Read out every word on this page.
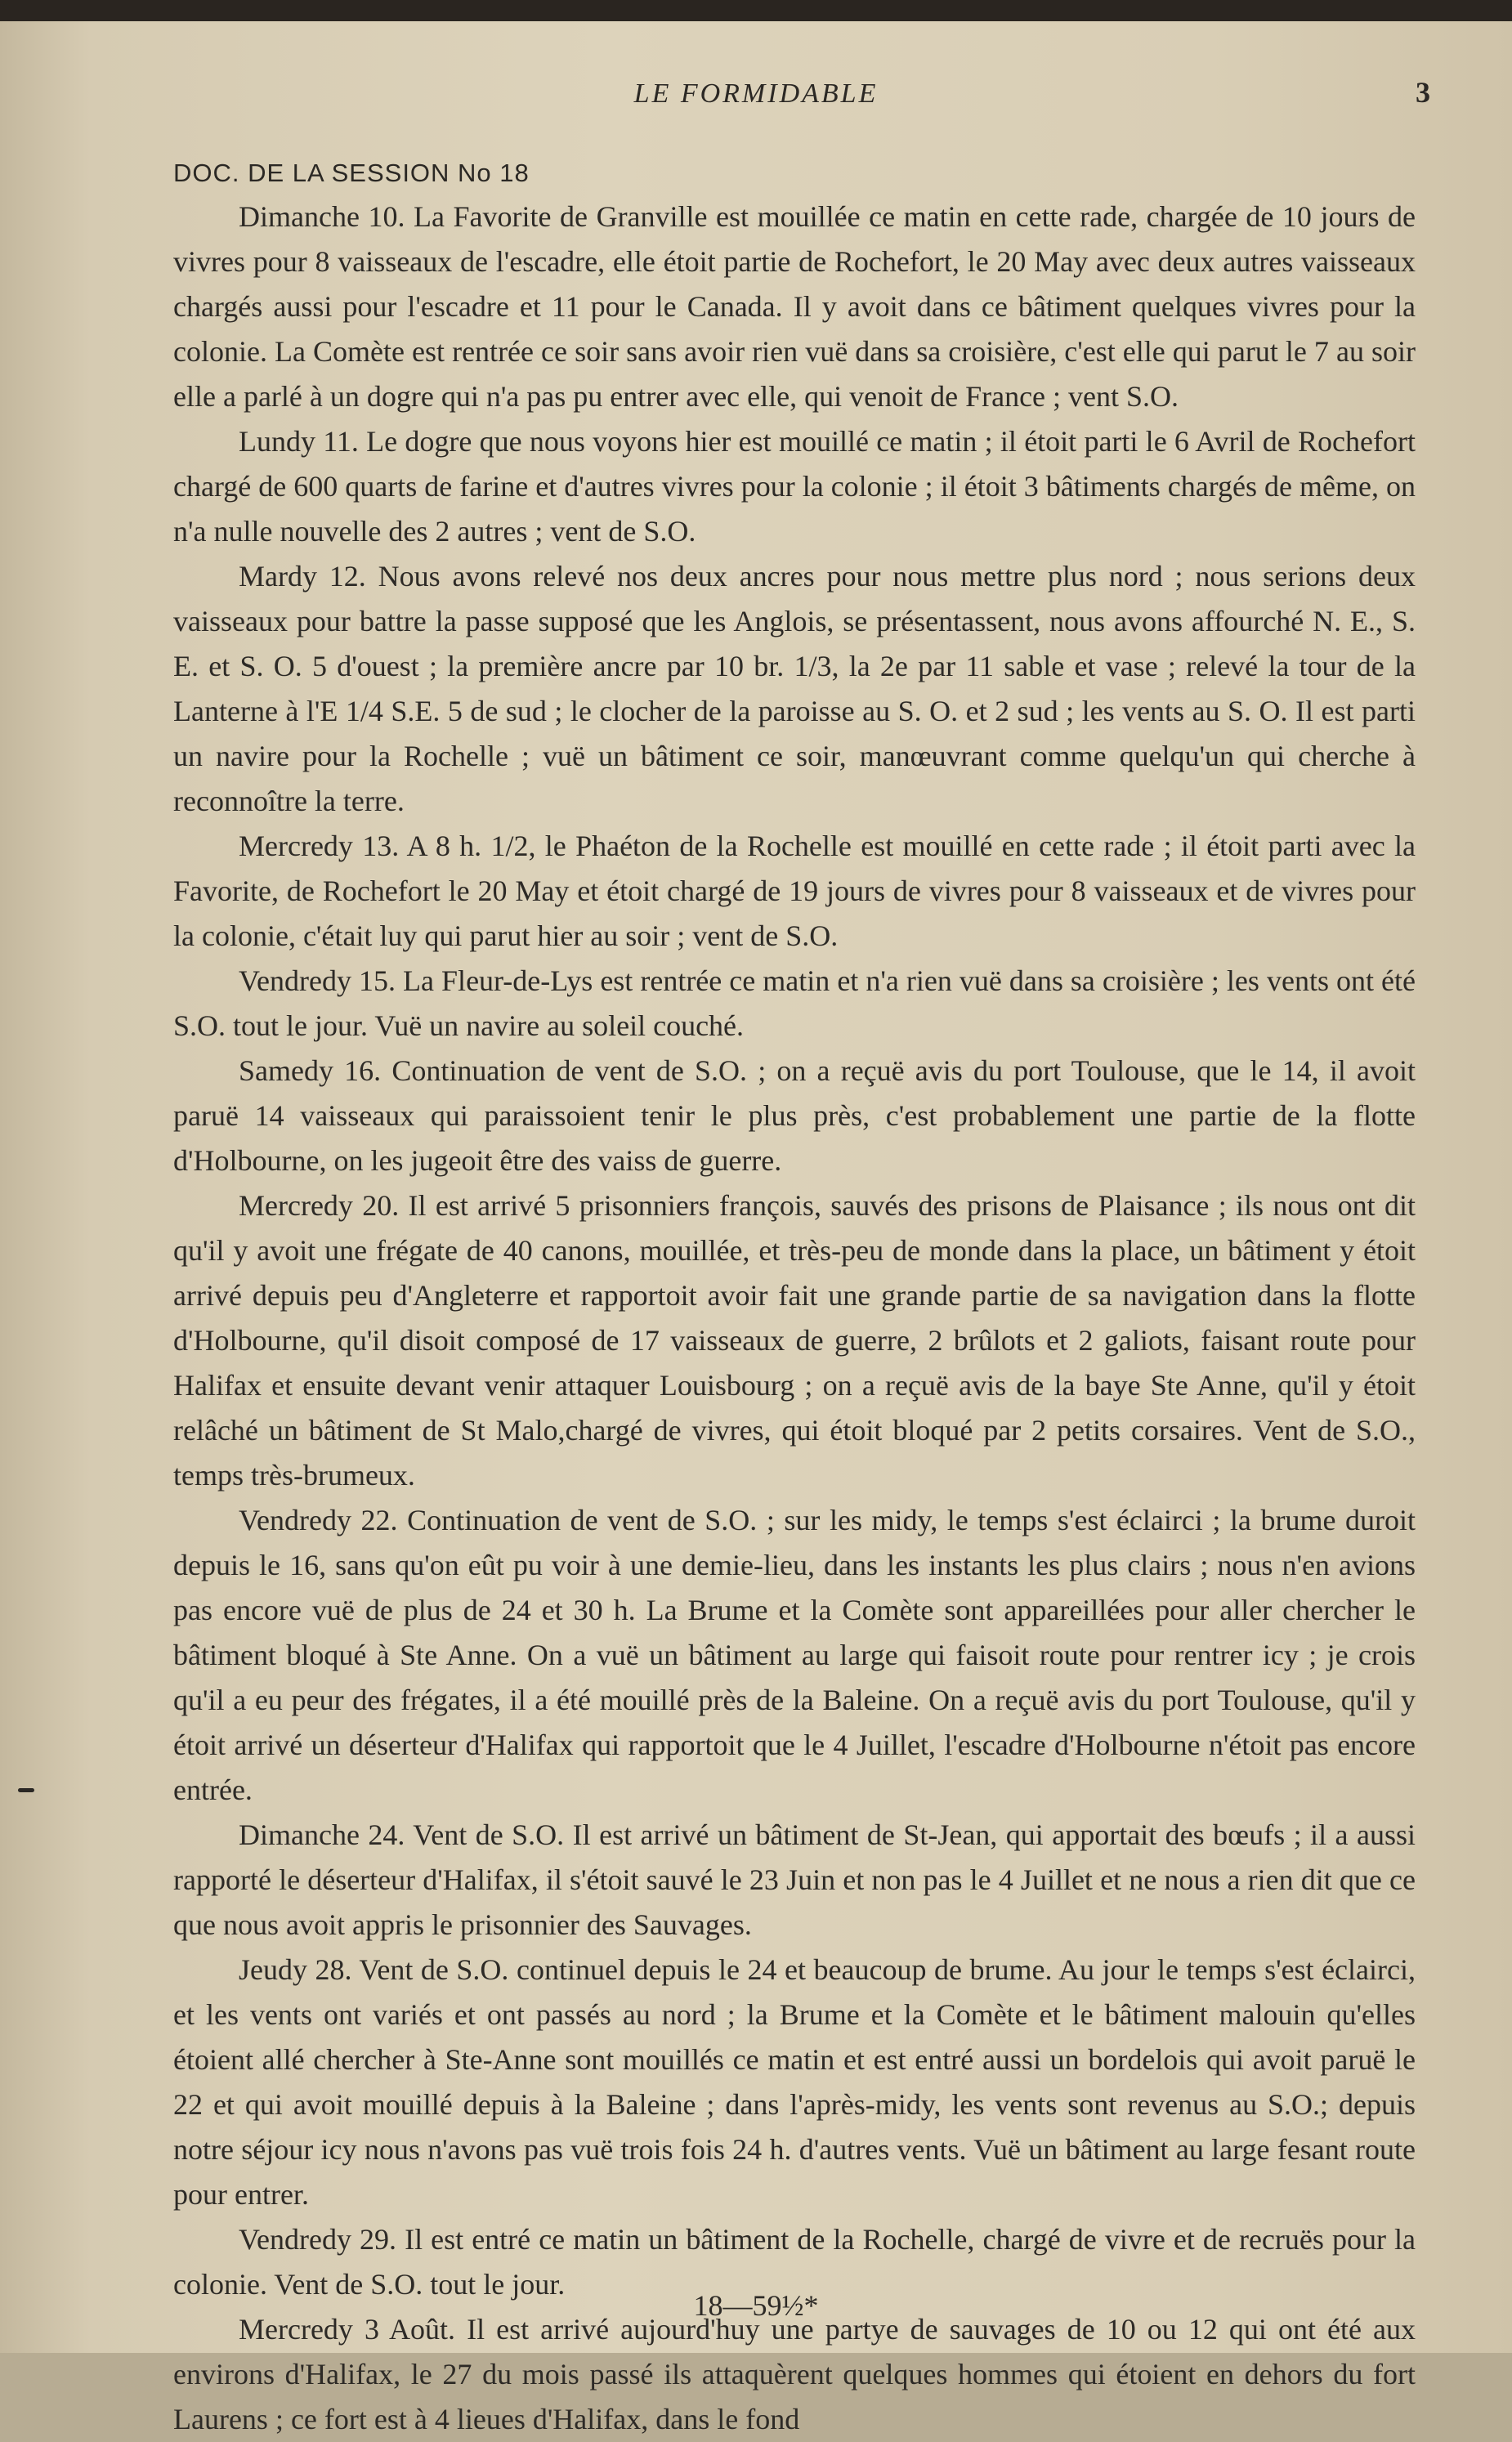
LE FORMIDABLE	3
DOC. DE LA SESSION No 18

Dimanche 10. La Favorite de Granville est mouillée ce matin en cette rade, chargée de 10 jours de vivres pour 8 vaisseaux de l'escadre, elle étoit partie de Rochefort, le 20 May avec deux autres vaisseaux chargés aussi pour l'escadre et 11 pour le Canada. Il y avoit dans ce bâtiment quelques vivres pour la colonie. La Comète est rentrée ce soir sans avoir rien vuë dans sa croisière, c'est elle qui parut le 7 au soir elle a parlé à un dogre qui n'a pas pu entrer avec elle, qui venoit de France ; vent S.O.

Lundy 11. Le dogre que nous voyons hier est mouillé ce matin ; il étoit parti le 6 Avril de Rochefort chargé de 600 quarts de farine et d'autres vivres pour la colonie ; il étoit 3 bâtiments chargés de même, on n'a nulle nouvelle des 2 autres ; vent de S.O.

Mardy 12. Nous avons relevé nos deux ancres pour nous mettre plus nord ; nous serions deux vaisseaux pour battre la passe supposé que les Anglois, se présentassent, nous avons affourché N. E., S. E. et S. O. 5 d'ouest ; la première ancre par 10 br. 1/3, la 2e par 11 sable et vase ; relevé la tour de la Lanterne à l'E 1/4 S.E. 5 de sud ; le clocher de la paroisse au S. O. et 2 sud ; les vents au S. O. Il est parti un navire pour la Rochelle ; vuë un bâtiment ce soir, manœuvrant comme quelqu'un qui cherche à reconnoître la terre.

Mercredy 13. A 8 h. 1/2, le Phaéton de la Rochelle est mouillé en cette rade ; il étoit parti avec la Favorite, de Rochefort le 20 May et étoit chargé de 19 jours de vivres pour 8 vaisseaux et de vivres pour la colonie, c'était luy qui parut hier au soir ; vent de S.O.

Vendredy 15. La Fleur-de-Lys est rentrée ce matin et n'a rien vuë dans sa croisière ; les vents ont été S.O. tout le jour. Vuë un navire au soleil couché.

Samedy 16. Continuation de vent de S.O. ; on a reçuë avis du port Toulouse, que le 14, il avoit paruë 14 vaisseaux qui paraissoient tenir le plus près, c'est probablement une partie de la flotte d'Holbourne, on les jugeoit être des vaiss de guerre.

Mercredy 20. Il est arrivé 5 prisonniers françois, sauvés des prisons de Plaisance ; ils nous ont dit qu'il y avoit une frégate de 40 canons, mouillée, et très-peu de monde dans la place, un bâtiment y étoit arrivé depuis peu d'Angleterre et rapportoit avoir fait une grande partie de sa navigation dans la flotte d'Holbourne, qu'il disoit composé de 17 vaisseaux de guerre, 2 brûlots et 2 galiots, faisant route pour Halifax et ensuite devant venir attaquer Louisbourg ; on a reçuë avis de la baye Ste Anne, qu'il y étoit relâché un bâtiment de St Malo,chargé de vivres, qui étoit bloqué par 2 petits corsaires. Vent de S.O., temps très-brumeux.

Vendredy 22. Continuation de vent de S.O. ; sur les midy, le temps s'est éclairci ; la brume duroit depuis le 16, sans qu'on eût pu voir à une demie-lieu, dans les instants les plus clairs ; nous n'en avions pas encore vuë de plus de 24 et 30 h. La Brume et la Comète sont appareillées pour aller chercher le bâtiment bloqué à Ste Anne. On a vuë un bâtiment au large qui faisoit route pour rentrer icy ; je crois qu'il a eu peur des frégates, il a été mouillé près de la Baleine. On a reçuë avis du port Toulouse, qu'il y étoit arrivé un déserteur d'Halifax qui rapportoit que le 4 Juillet, l'escadre d'Holbourne n'étoit pas encore entrée.

Dimanche 24. Vent de S.O. Il est arrivé un bâtiment de St-Jean, qui apportait des bœufs ; il a aussi rapporté le déserteur d'Halifax, il s'étoit sauvé le 23 Juin et non pas le 4 Juillet et ne nous a rien dit que ce que nous avoit appris le prisonnier des Sauvages.

Jeudy 28. Vent de S.O. continuel depuis le 24 et beaucoup de brume. Au jour le temps s'est éclairci, et les vents ont variés et ont passés au nord ; la Brume et la Comète et le bâtiment malouin qu'elles étoient allé chercher à Ste-Anne sont mouillés ce matin et est entré aussi un bordelois qui avoit paruë le 22 et qui avoit mouillé depuis à la Baleine ; dans l'après-midy, les vents sont revenus au S.O.; depuis notre séjour icy nous n'avons pas vuë trois fois 24 h. d'autres vents. Vuë un bâtiment au large fesant route pour entrer.

Vendredy 29. Il est entré ce matin un bâtiment de la Rochelle, chargé de vivre et de recruës pour la colonie. Vent de S.O. tout le jour.

Mercredy 3 Août. Il est arrivé aujourd'huy une partye de sauvages de 10 ou 12 qui ont été aux environs d'Halifax, le 27 du mois passé ils attaquèrent quelques hommes qui étoient en dehors du fort Laurens ; ce fort est à 4 lieues d'Halifax, dans le fond

18—59½*
